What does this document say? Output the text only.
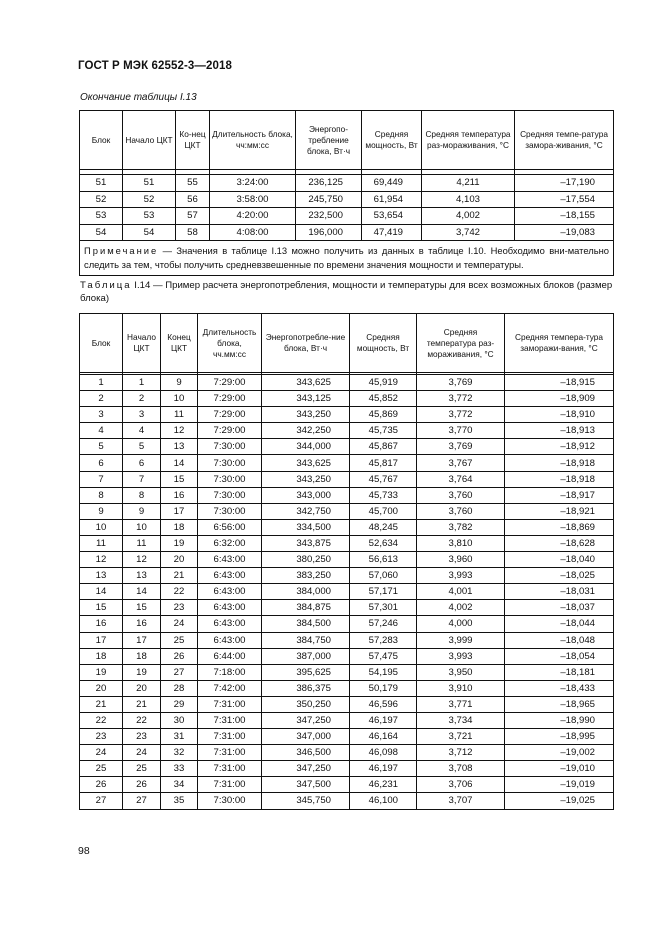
ГОСТ Р МЭК 62552-3—2018
Окончание таблицы I.13
Блок	Начало ЦКТ	Ко-нец ЦКТ	Длительность блока, чч:мм:сс	Энергопо-требление блока, Вт·ч	Средняя мощность, Вт	Средняя температура раз-мораживания, °С	Средняя темпе-ратура замора-живания, °С

51	51	55	3:24:00	236,125	69,449	4,211	–17,190
52	52	56	3:58:00	245,750	61,954	4,103	–17,554
53	53	57	4:20:00	232,500	53,654	4,002	–18,155
54	54	58	4:08:00	196,000	47,419	3,742	–19,083
Примечание — Значения в таблице I.13 можно получить из данных в таблице I.10. Необходимо вни-мательно следить за тем, чтобы получить средневзвешенные по времени значения мощности и температуры.							
Таблица I.14 — Пример расчета энергопотребления, мощности и температуры для всех возможных блоков (размер блока)
Блок	Начало ЦКТ	Конец ЦКТ	Длительность блока, чч.мм:сс	Энергопотребле-ние блока, Вт·ч	Средняя мощность, Вт	Средняя температура раз-мораживания, °С	Средняя темпера-тура заморажи-вания, °С

1	1	9	7:29:00	343,625	45,919	3,769	–18,915
2	2	10	7:29:00	343,125	45,852	3,772	–18,909
3	3	11	7:29:00	343,250	45,869	3,772	–18,910
4	4	12	7:29:00	342,250	45,735	3,770	–18,913
5	5	13	7:30:00	344,000	45,867	3,769	–18,912
6	6	14	7:30:00	343,625	45,817	3,767	–18,918
7	7	15	7:30:00	343,250	45,767	3,764	–18,918
8	8	16	7:30:00	343,000	45,733	3,760	–18,917
9	9	17	7:30:00	342,750	45,700	3,760	–18,921
10	10	18	6:56:00	334,500	48,245	3,782	–18,869
11	11	19	6:32:00	343,875	52,634	3,810	–18,628
12	12	20	6:43:00	380,250	56,613	3,960	–18,040
13	13	21	6:43:00	383,250	57,060	3,993	–18,025
14	14	22	6:43:00	384,000	57,171	4,001	–18,031
15	15	23	6:43:00	384,875	57,301	4,002	–18,037
16	16	24	6:43:00	384,500	57,246	4,000	–18,044
17	17	25	6:43:00	384,750	57,283	3,999	–18,048
18	18	26	6:44:00	387,000	57,475	3,993	–18,054
19	19	27	7:18:00	395,625	54,195	3,950	–18,181
20	20	28	7:42:00	386,375	50,179	3,910	–18,433
21	21	29	7:31:00	350,250	46,596	3,771	–18,965
22	22	30	7:31:00	347,250	46,197	3,734	–18,990
23	23	31	7:31:00	347,000	46,164	3,721	–18,995
24	24	32	7:31:00	346,500	46,098	3,712	–19,002
25	25	33	7:31:00	347,250	46,197	3,708	–19,010
26	26	34	7:31:00	347,500	46,231	3,706	–19,019
27	27	35	7:30:00	345,750	46,100	3,707	–19,025
98
